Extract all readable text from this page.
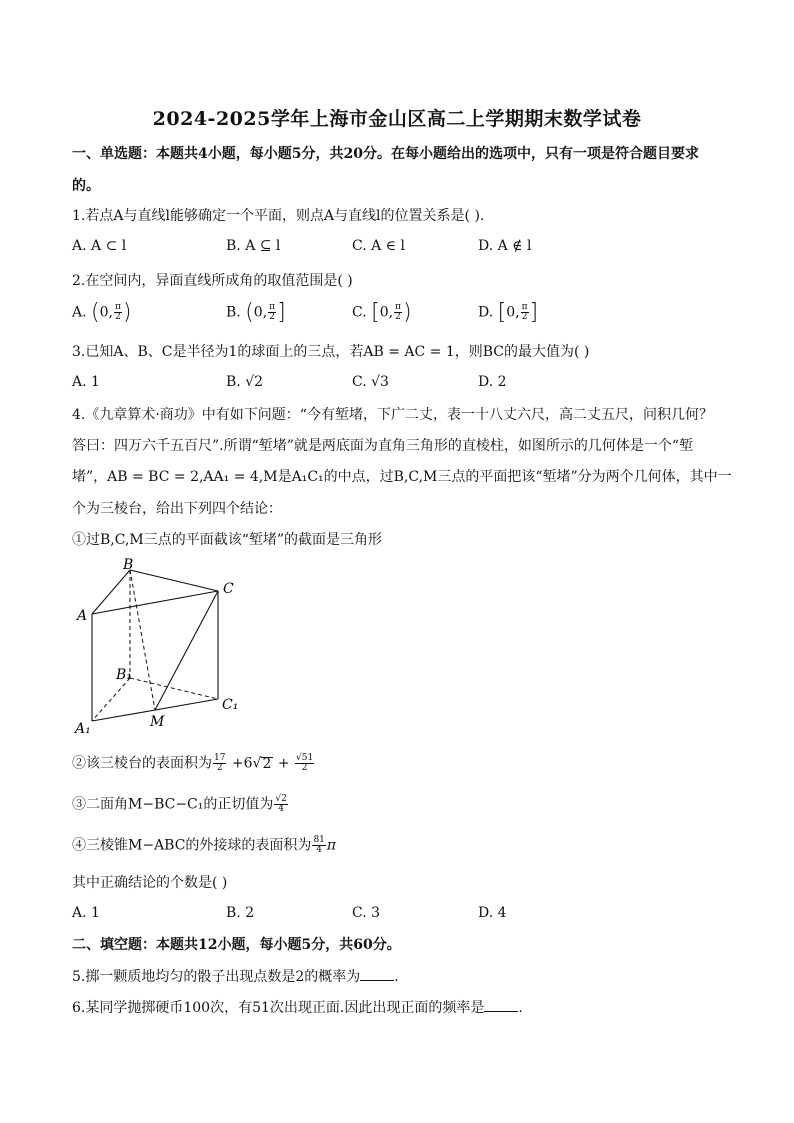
2024-2025学年上海市金山区高二上学期期末数学试卷
一、单选题：本题共4小题，每小题5分，共20分。在每小题给出的选项中，只有一项是符合题目要求
的。
1.若点A与直线l能够确定一个平面，则点A与直线l的位置关系是( ).
A. A ⊂ l	B. A ⊆ l	C. A ∈ l	D. A ∉ l
2.在空间内，异面直线所成角的取值范围是( )
A. (0, $\frac{\pi}{2}$ )	B. (0, $\frac{\pi}{2}$ ]	C. [0, $\frac{\pi}{2}$ )	D. [0, $\frac{\pi}{2}$ ]
3.已知A、B、C是半径为1的球面上的三点，若AB = AC = 1，则BC的最大值为( )
A. 1	B. √2	C. √3	D. 2
4.《九章算术·商功》中有如下问题：“今有堑堵，下广二丈，表一十八丈六尺，高二丈五尺，问积几何？
答曰：四万六千五百尺”.所谓“堑堵”就是两底面为直角三角形的直棱柱，如图所示的几何体是一个“堑
堵”，AB = BC = 2,AA₁ = 4,M是A₁C₁的中点，过B,C,M三点的平面把该“堑堵”分为两个几何体，其中一
个为三棱台，给出下列四个结论：
①过B,C,M三点的平面截该“堑堵”的截面是三角形
B
C
A
B₁
C₁
A₁	M
②该三棱台的表面积为 $\frac{17}{2} +6√2 + \frac{√51}{2}$
③二面角M−BC−C₁的正切值为 $\frac{√2}{4}$
④三棱锥M−ABC的外接球的表面积为 $\frac{81}{4}$ π
其中正确结论的个数是( )
A. 1	B. 2	C. 3	D. 4
二、填空题：本题共12小题，每小题5分，共60分。
5.掷一颗质地均匀的骰子出现点数是2的概率为 .
6.某同学抛掷硬币100次，有51次出现正面.因此出现正面的频率是 .
